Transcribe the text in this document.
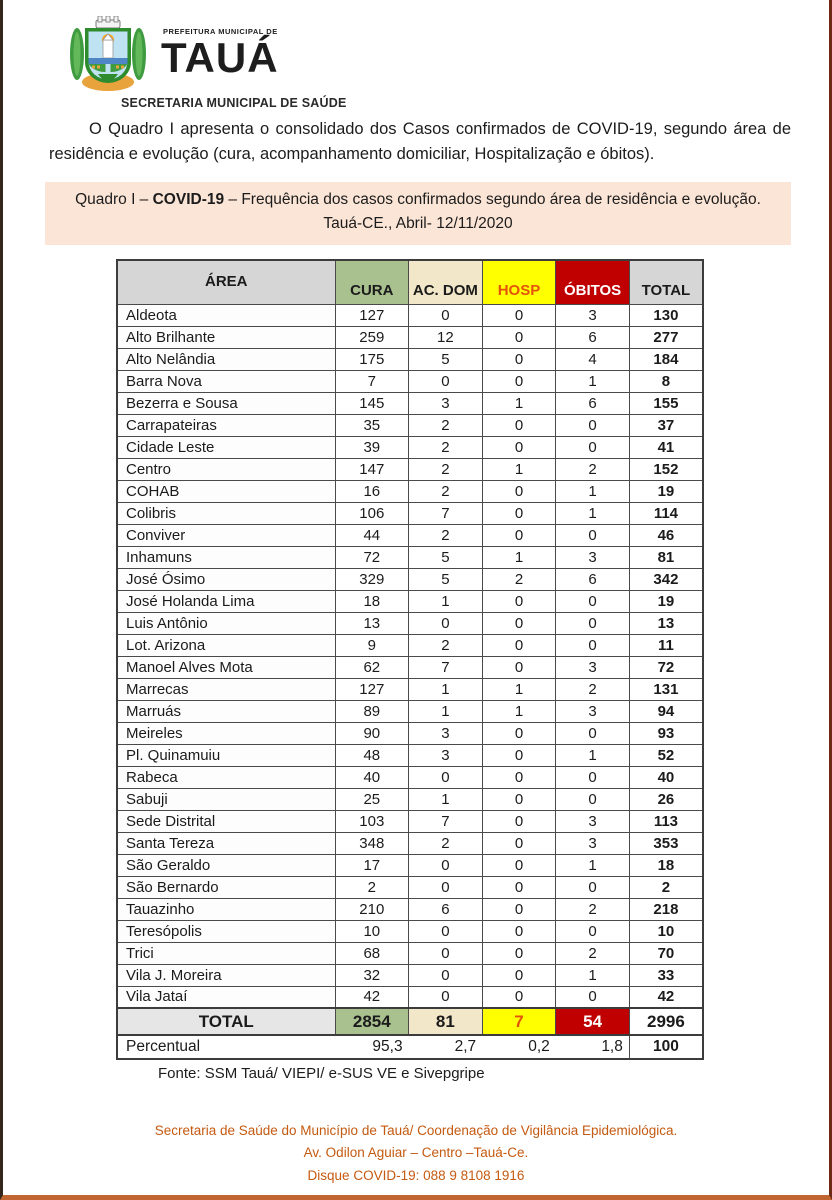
PREFEITURA MUNICIPAL DE
TAUÁ
SECRETARIA MUNICIPAL DE SAÚDE

O Quadro I apresenta o consolidado dos Casos confirmados de COVID-19, segundo área de residência e evolução (cura, acompanhamento domiciliar, Hospitalização e óbitos).

Quadro I – COVID-19 – Frequência dos casos confirmados segundo área de residência e evolução.
Tauá-CE., Abril- 12/11/2020
ÁREA	CURA	AC. DOM	HOSP	ÓBITOS	TOTAL
Aldeota	127	0	0	3	130
Alto Brilhante	259	12	0	6	277
Alto Nelândia	175	5	0	4	184
Barra Nova	7	0	0	1	8
Bezerra e Sousa	145	3	1	6	155
Carrapateiras	35	2	0	0	37
Cidade Leste	39	2	0	0	41
Centro	147	2	1	2	152
COHAB	16	2	0	1	19
Colibris	106	7	0	1	114
Conviver	44	2	0	0	46
Inhamuns	72	5	1	3	81
José Ósimo	329	5	2	6	342
José Holanda Lima	18	1	0	0	19
Luis Antônio	13	0	0	0	13
Lot. Arizona	9	2	0	0	11
Manoel Alves Mota	62	7	0	3	72
Marrecas	127	1	1	2	131
Marruás	89	1	1	3	94
Meireles	90	3	0	0	93
Pl. Quinamuiu	48	3	0	1	52
Rabeca	40	0	0	0	40
Sabuji	25	1	0	0	26
Sede Distrital	103	7	0	3	113
Santa Tereza	348	2	0	3	353
São Geraldo	17	0	0	1	18
São Bernardo	2	0	0	0	2
Tauazinho	210	6	0	2	218
Teresópolis	10	0	0	0	10
Trici	68	0	0	2	70
Vila J. Moreira	32	0	0	1	33
Vila Jataí	42	0	0	0	42
TOTAL	2854	81	7	54	2996
Percentual	95,3	2,7	0,2	1,8	100
Fonte: SSM Tauá/ VIEPI/ e-SUS VE e Sivepgripe
Secretaria de Saúde do Município de Tauá/ Coordenação de Vigilância Epidemiológica.
Av. Odilon Aguiar – Centro –Tauá-Ce.
Disque COVID-19: 088 9 8108 1916
